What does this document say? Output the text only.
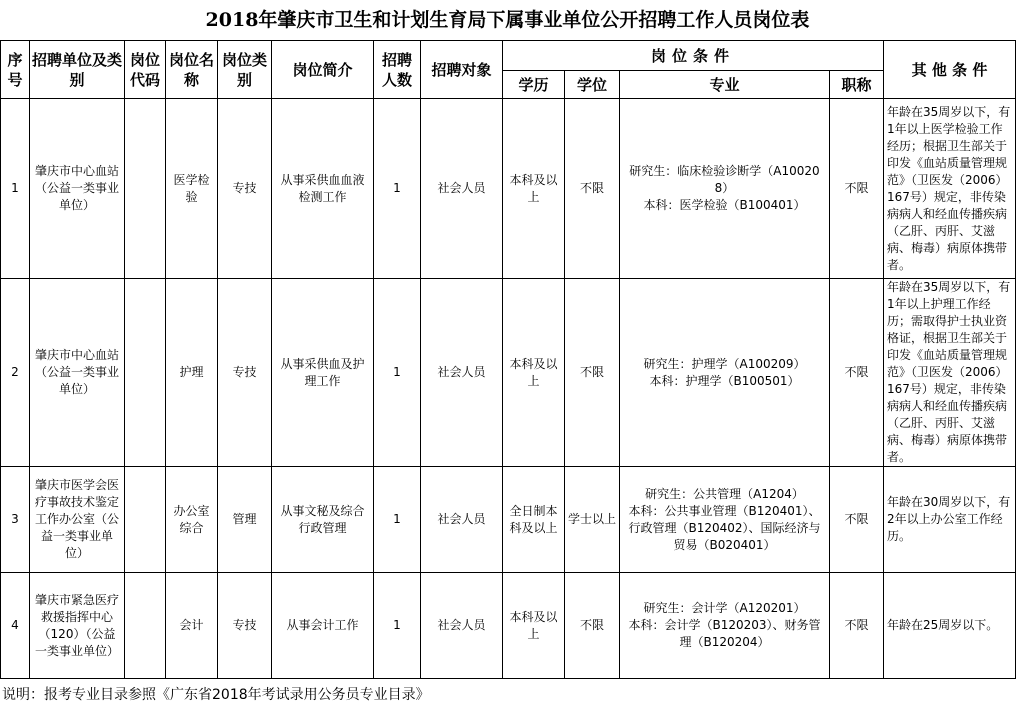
2018年肇庆市卫生和计划生育局下属事业单位公开招聘工作人员岗位表
序号	招聘单位及类别	岗位代码	岗位名称	岗位类别	岗位简介	招聘人数	招聘对象	岗位条件				其 他 条 件
								学历	学位	专业	职称	
1	肇庆市中心血站（公益一类事业单位）		医学检验	专技	从事采供血血液检测工作	1	社会人员	本科及以上	不限	研究生：临床检验诊断学（A100208）
本科：医学检验（B100401）	不限	年龄在35周岁以下，有1年以上医学检验工作经历；根据卫生部关于印发《血站质量管理规范》（卫医发（2006）167号）规定，非传染病病人和经血传播疾病（乙肝、丙肝、艾滋病、梅毒）病原体携带者。
2	肇庆市中心血站（公益一类事业单位）		护理	专技	从事采供血及护理工作	1	社会人员	本科及以上	不限	研究生：护理学（A100209）
本科：护理学（B100501）	不限	年龄在35周岁以下，有1年以上护理工作经历；需取得护士执业资格证，根据卫生部关于印发《血站质量管理规范》（卫医发（2006）167号）规定，非传染病病人和经血传播疾病（乙肝、丙肝、艾滋病、梅毒）病原体携带者。
3	肇庆市医学会医疗事故技术鉴定工作办公室（公益一类事业单位）		办公室综合	管理	从事文秘及综合行政管理	1	社会人员	全日制本科及以上	学士以上	研究生：公共管理（A1204）
本科：公共事业管理（B120401）、行政管理（B120402）、国际经济与贸易（B020401）	不限	年龄在30周岁以下，有2年以上办公室工作经历。
4	肇庆市紧急医疗救援指挥中心（120）（公益一类事业单位）		会计	专技	从事会计工作	1	社会人员	本科及以上	不限	研究生：会计学（A120201）
本科：会计学（B120203）、财务管理（B120204）	不限	年龄在25周岁以下。
说明：报考专业目录参照《广东省2018年考试录用公务员专业目录》
